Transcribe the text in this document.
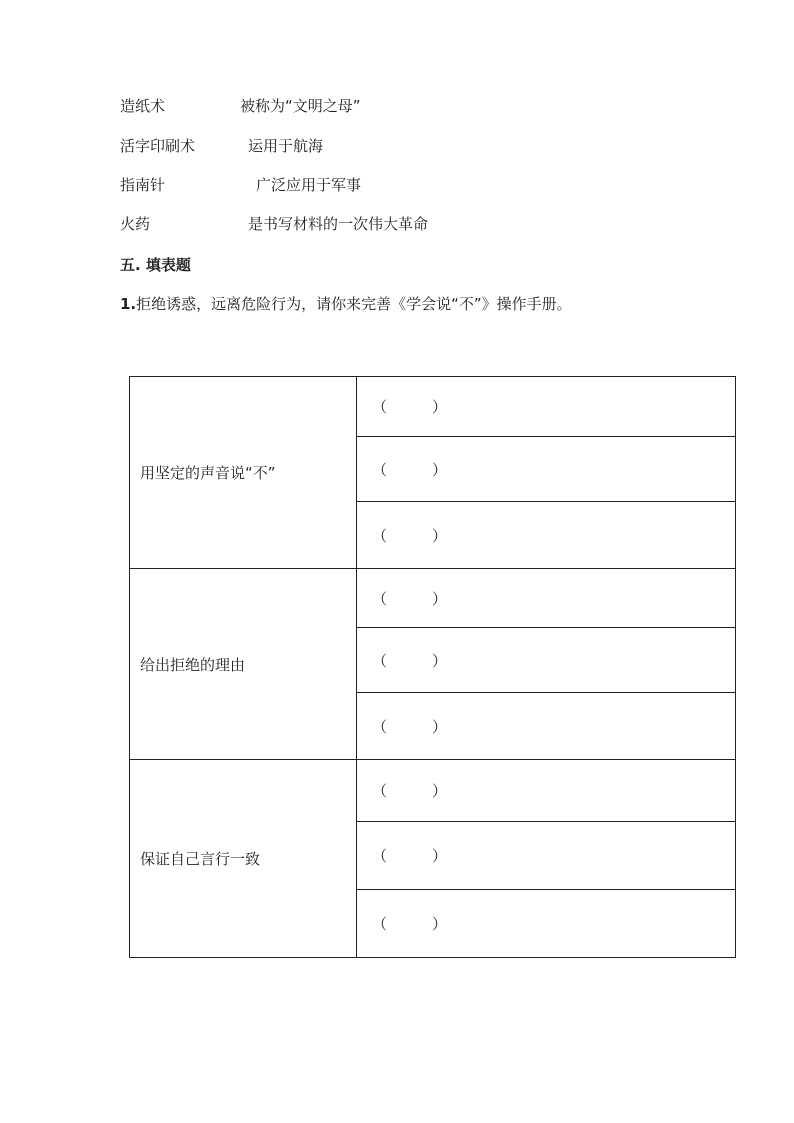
造纸术	被称为“文明之母”
活字印刷术	运用于航海
指南针	广泛应用于军事
火药	是书写材料的一次伟大革命
五. 填表题
1.拒绝诱惑，远离危险行为，请你来完善《学会说“不”》操作手册。
用坚定的声音说“不”	（　　　）
	（　　　）
	（　　　）
给出拒绝的理由	（　　　）
	（　　　）
	（　　　）
保证自己言行一致	（　　　）
	（　　　）
	（　　　）
